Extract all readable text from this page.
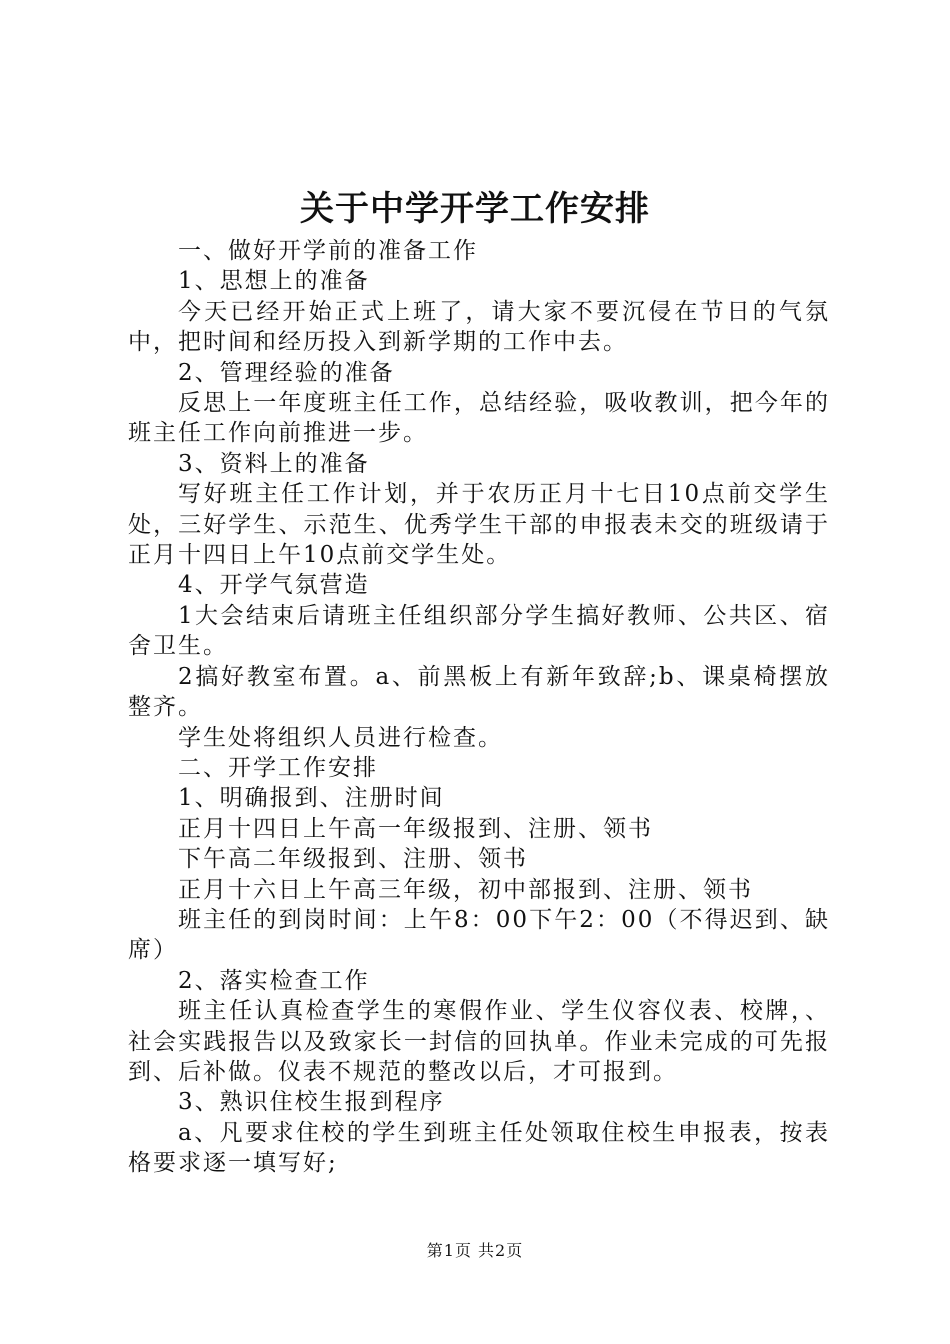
关于中学开学工作安排

一、做好开学前的准备工作

1、思想上的准备

今天已经开始正式上班了，请大家不要沉侵在节日的气氛中，把时间和经历投入到新学期的工作中去。

2、管理经验的准备

反思上一年度班主任工作，总结经验，吸收教训，把今年的班主任工作向前推进一步。

3、资料上的准备

写好班主任工作计划，并于农历正月十七日10点前交学生处，三好学生、示范生、优秀学生干部的申报表未交的班级请于正月十四日上午10点前交学生处。

4、开学气氛营造

1大会结束后请班主任组织部分学生搞好教师、公共区、宿舍卫生。

2搞好教室布置。a、前黑板上有新年致辞;b、课桌椅摆放整齐。

学生处将组织人员进行检查。

二、开学工作安排

1、明确报到、注册时间

正月十四日上午高一年级报到、注册、领书

下午高二年级报到、注册、领书

正月十六日上午高三年级，初中部报到、注册、领书

班主任的到岗时间：上午8：00下午2：00（不得迟到、缺席）

2、落实检查工作

班主任认真检查学生的寒假作业、学生仪容仪表、校牌，、社会实践报告以及致家长一封信的回执单。作业未完成的可先报到、后补做。仪表不规范的整改以后，才可报到。

3、熟识住校生报到程序

a、凡要求住校的学生到班主任处领取住校生申报表，按表格要求逐一填写好;

第1页 共2页
